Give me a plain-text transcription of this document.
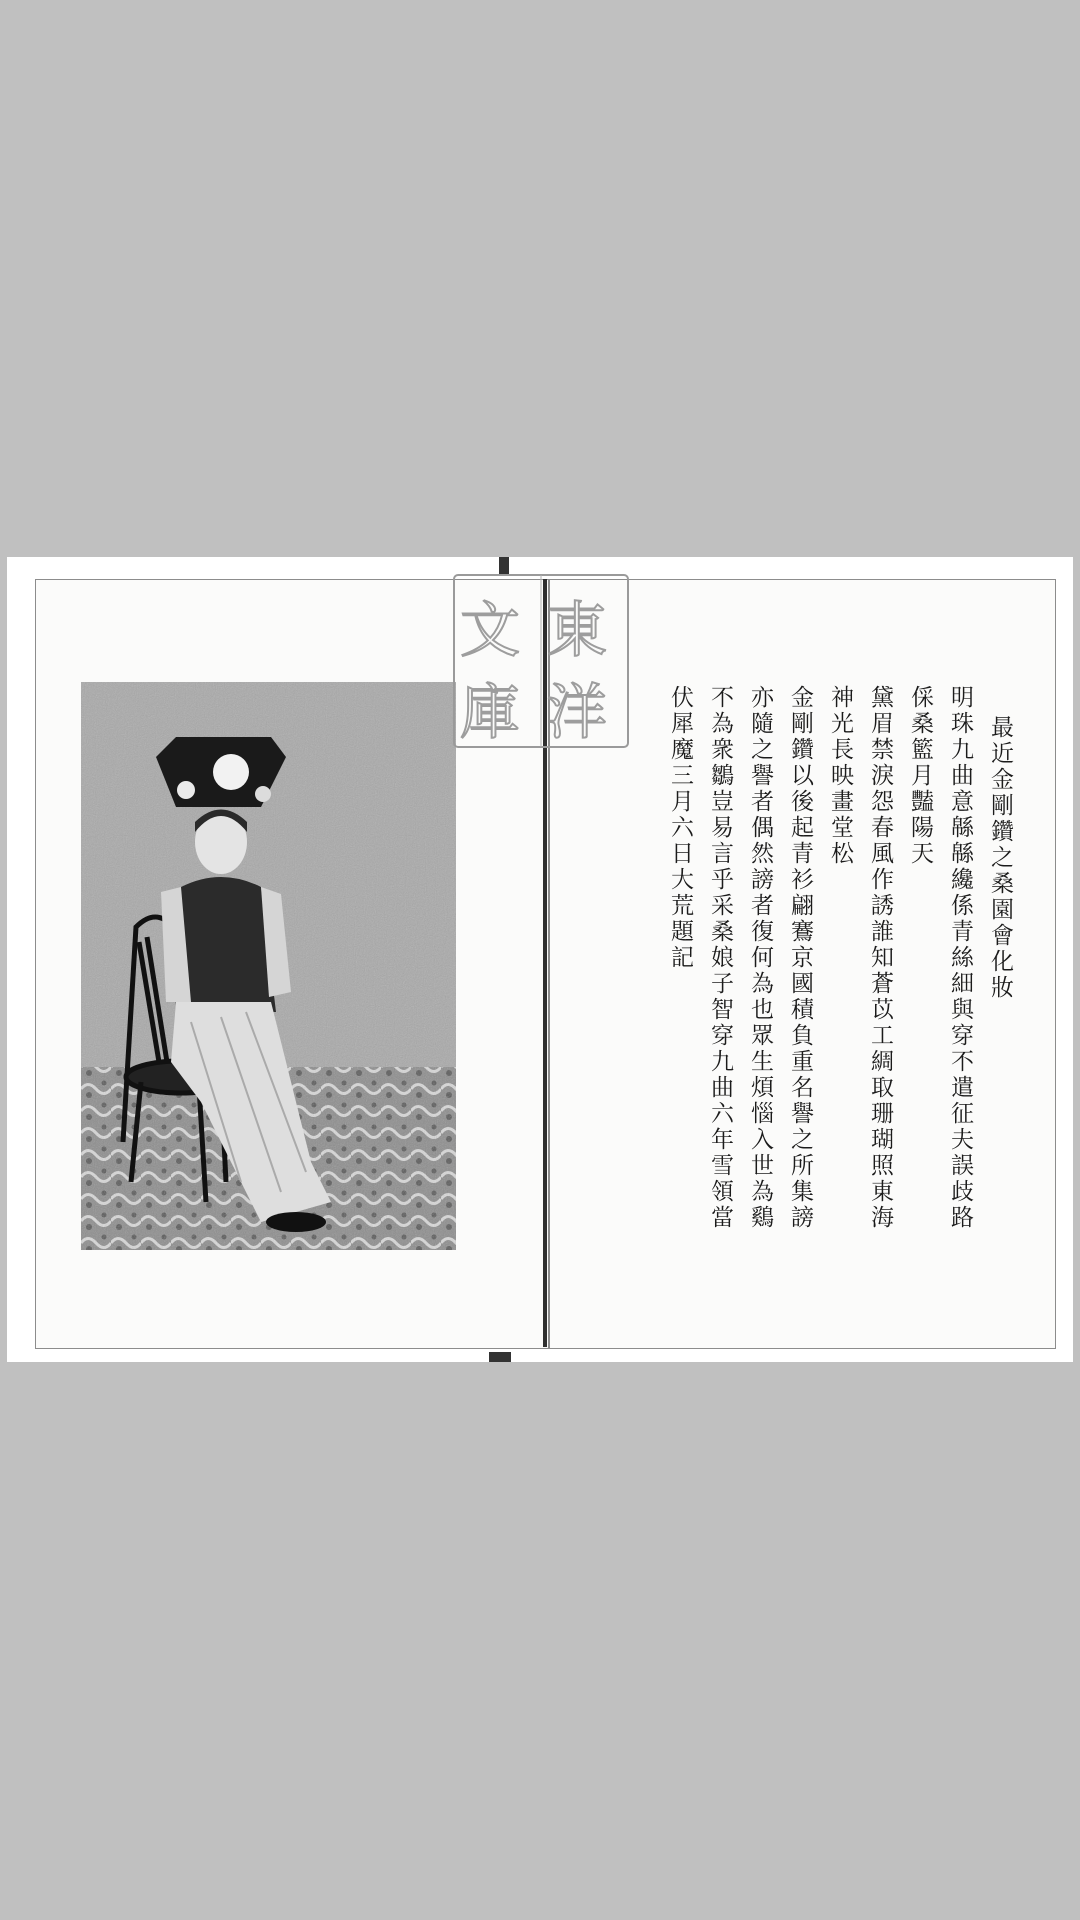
最近金剛鑽之桑園會化妝
明珠九曲意緜緜纔係青絲細與穿不遣征夫誤歧路
倸桑籃月豔陽天
黛眉禁淚怨春風作誘誰知蒼苡工綢取珊瑚照東海
神光長映畫堂松
金剛鑽以後起青衫翩鶱京國積負重名譽之所集謗
亦隨之譽者偶然謗者復何為也眾生煩惱入世為鷄
不為衆鶵豈易言乎采桑娘子智穿九曲六年雪領當
伏犀魔三月六日大荒題記
東
洋
文
庫
